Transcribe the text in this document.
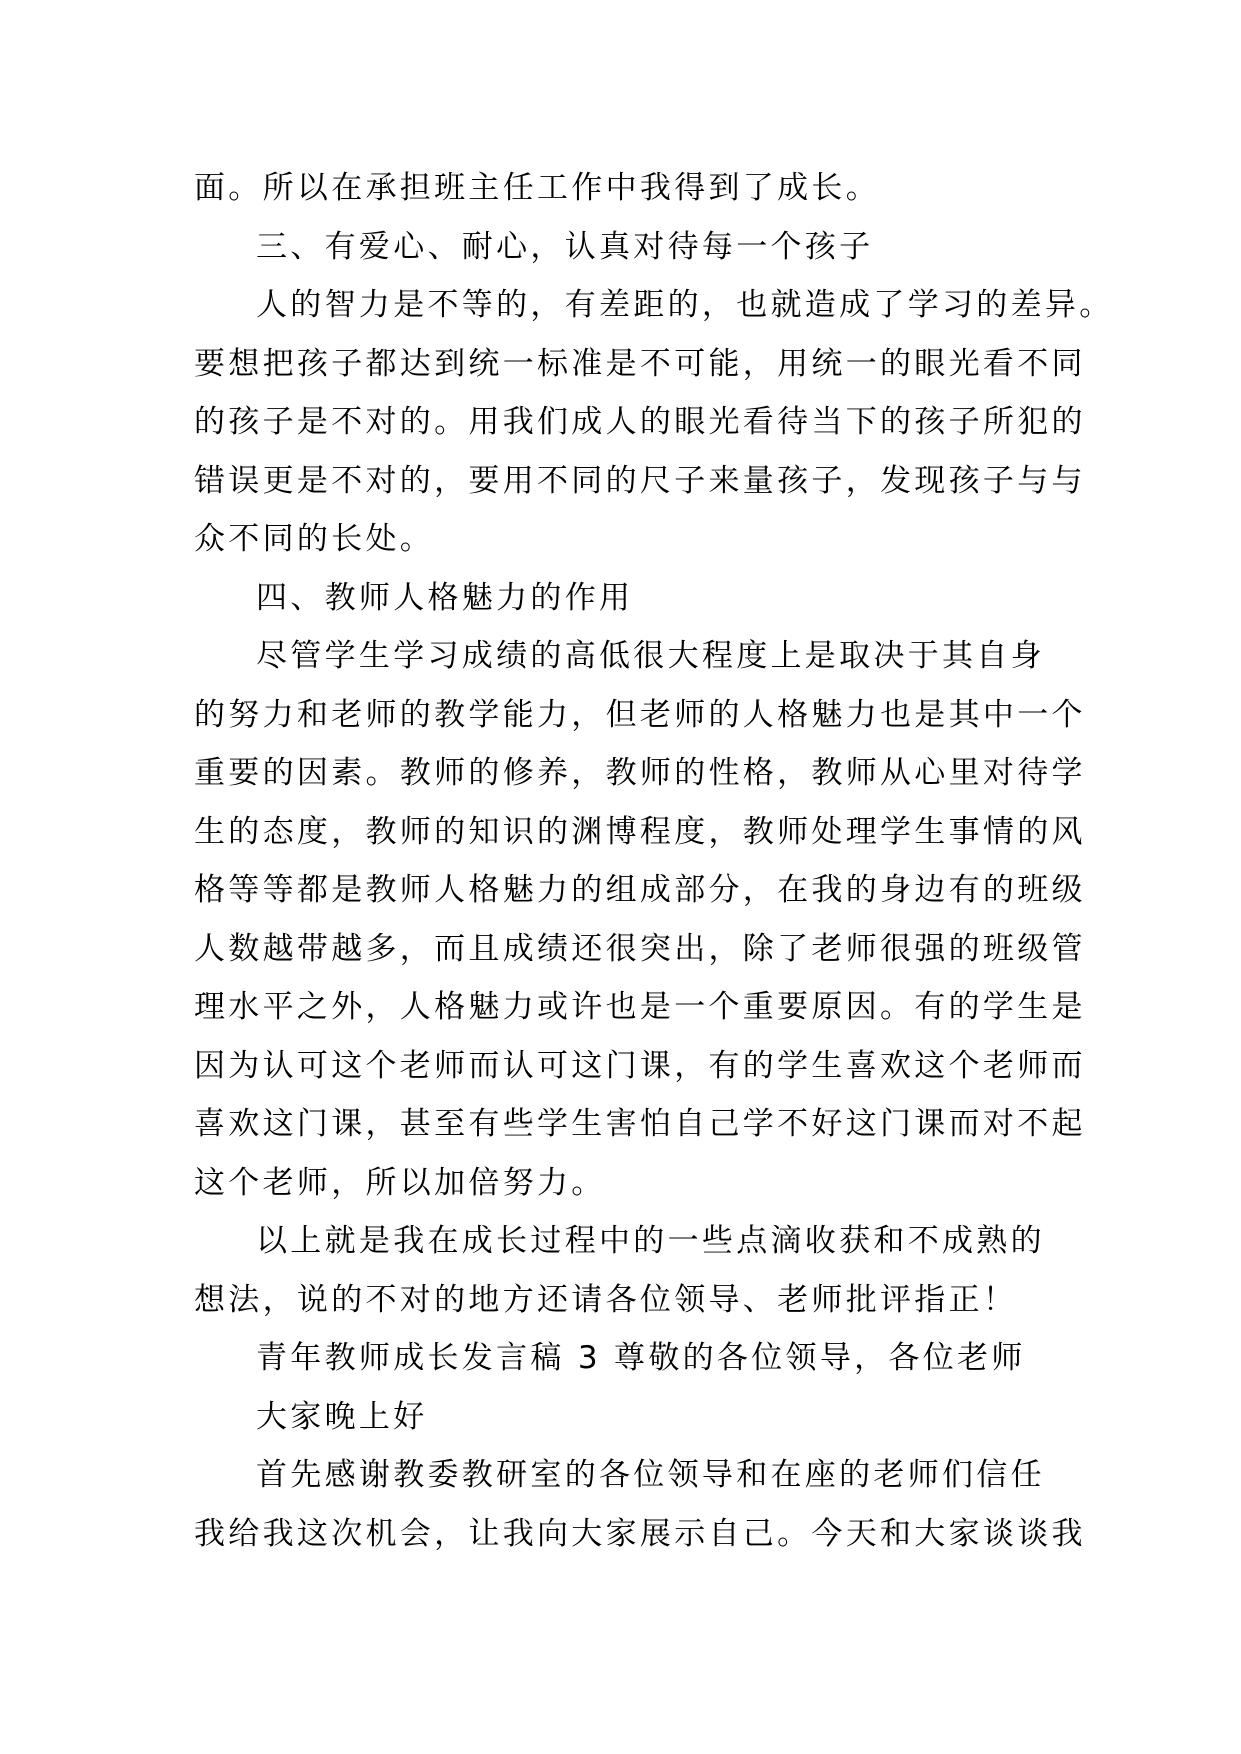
面。所以在承担班主任工作中我得到了成长。
三、有爱心、耐心，认真对待每一个孩子
人的智力是不等的，有差距的，也就造成了学习的差异。
要想把孩子都达到统一标准是不可能，用统一的眼光看不同
的孩子是不对的。用我们成人的眼光看待当下的孩子所犯的
错误更是不对的，要用不同的尺子来量孩子，发现孩子与与
众不同的长处。
四、教师人格魅力的作用
尽管学生学习成绩的高低很大程度上是取决于其自身
的努力和老师的教学能力，但老师的人格魅力也是其中一个
重要的因素。教师的修养，教师的性格，教师从心里对待学
生的态度，教师的知识的渊博程度，教师处理学生事情的风
格等等都是教师人格魅力的组成部分，在我的身边有的班级
人数越带越多，而且成绩还很突出，除了老师很强的班级管
理水平之外，人格魅力或许也是一个重要原因。有的学生是
因为认可这个老师而认可这门课，有的学生喜欢这个老师而
喜欢这门课，甚至有些学生害怕自己学不好这门课而对不起
这个老师，所以加倍努力。
以上就是我在成长过程中的一些点滴收获和不成熟的
想法，说的不对的地方还请各位领导、老师批评指正！
青年教师成长发言稿 3 尊敬的各位领导，各位老师
大家晚上好
首先感谢教委教研室的各位领导和在座的老师们信任
我给我这次机会，让我向大家展示自己。今天和大家谈谈我
